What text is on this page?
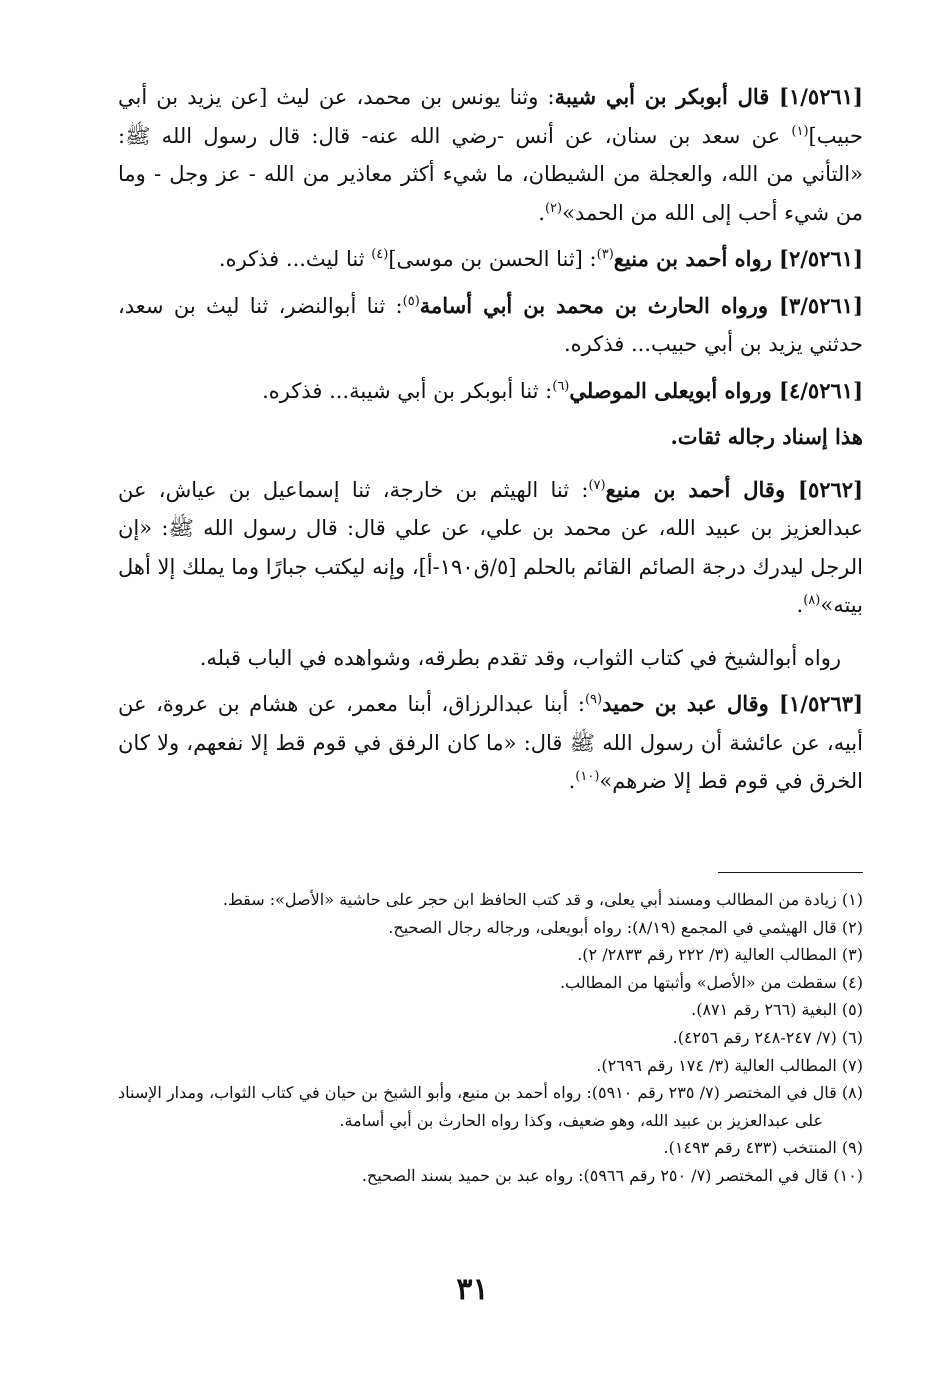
[١/٥٢٦١] قال أبوبكر بن أبي شيبة: وثنا يونس بن محمد، عن ليث [عن يزيد بن أبي حبيب]$^{(١)}$ عن سعد بن سنان، عن أنس -رضي الله عنه- قال: قال رسول الله ﷺ: «التأني من الله، والعجلة من الشيطان، ما شيء أكثر معاذير من الله - عز وجل - وما من شيء أحب إلى الله من الحمد»$^{(٢)}$.

[٢/٥٢٦١] رواه أحمد بن منيع$^{(٣)}$: [ثنا الحسن بن موسى]$^{(٤)}$ ثنا ليث... فذكره.

[٣/٥٢٦١] ورواه الحارث بن محمد بن أبي أسامة$^{(٥)}$: ثنا أبوالنضر، ثنا ليث بن سعد، حدثني يزيد بن أبي حبيب... فذكره.

[٤/٥٢٦١] ورواه أبويعلى الموصلي$^{(٦)}$: ثنا أبوبكر بن أبي شيبة... فذكره.

هذا إسناد رجاله ثقات.

[٥٢٦٢] وقال أحمد بن منيع$^{(٧)}$: ثنا الهيثم بن خارجة، ثنا إسماعيل بن عياش، عن عبدالعزيز بن عبيد الله، عن محمد بن علي، عن علي قال: قال رسول الله ﷺ: «إن الرجل ليدرك درجة الصائم القائم بالحلم [٥/ق١٩٠-أ]، وإنه ليكتب جبارًا وما يملك إلا أهل بيته»$^{(٨)}$.

رواه أبوالشيخ في كتاب الثواب، وقد تقدم بطرقه، وشواهده في الباب قبله.

[١/٥٢٦٣] وقال عبد بن حميد$^{(٩)}$: أبنا عبدالرزاق، أبنا معمر، عن هشام بن عروة، عن أبيه، عن عائشة أن رسول الله ﷺ قال: «ما كان الرفق في قوم قط إلا نفعهم، ولا كان الخرق في قوم قط إلا ضرهم»$^{(١٠)}$.

(١) زيادة من المطالب ومسند أبي يعلى، و قد كتب الحافظ ابن حجر على حاشية «الأصل»: سقط.

(٢) قال الهيثمي في المجمع (٨/١٩): رواه أبويعلى، ورجاله رجال الصحيح.

(٣) المطالب العالية (٣/ ٢٢٢ رقم ٢٨٣٣/ ٢).

(٤) سقطت من «الأصل» وأثبتها من المطالب.

(٥) البغية (٢٦٦ رقم ٨٧١).

(٦) (٧/ ٢٤٧-٢٤٨ رقم ٤٢٥٦).

(٧) المطالب العالية (٣/ ١٧٤ رقم ٢٦٩٦).

(٨) قال في المختصر (٧/ ٢٣٥ رقم ٥٩١٠): رواه أحمد بن منيع، وأبو الشيخ بن حيان في كتاب الثواب، ومدار الإسناد على عبدالعزيز بن عبيد الله، وهو ضعيف، وكذا رواه الحارث بن أبي أسامة.

(٩) المنتخب (٤٣٣ رقم ١٤٩٣).

(١٠) قال في المختصر (٧/ ٢٥٠ رقم ٥٩٦٦): رواه عبد بن حميد بسند الصحيح.

٣١
